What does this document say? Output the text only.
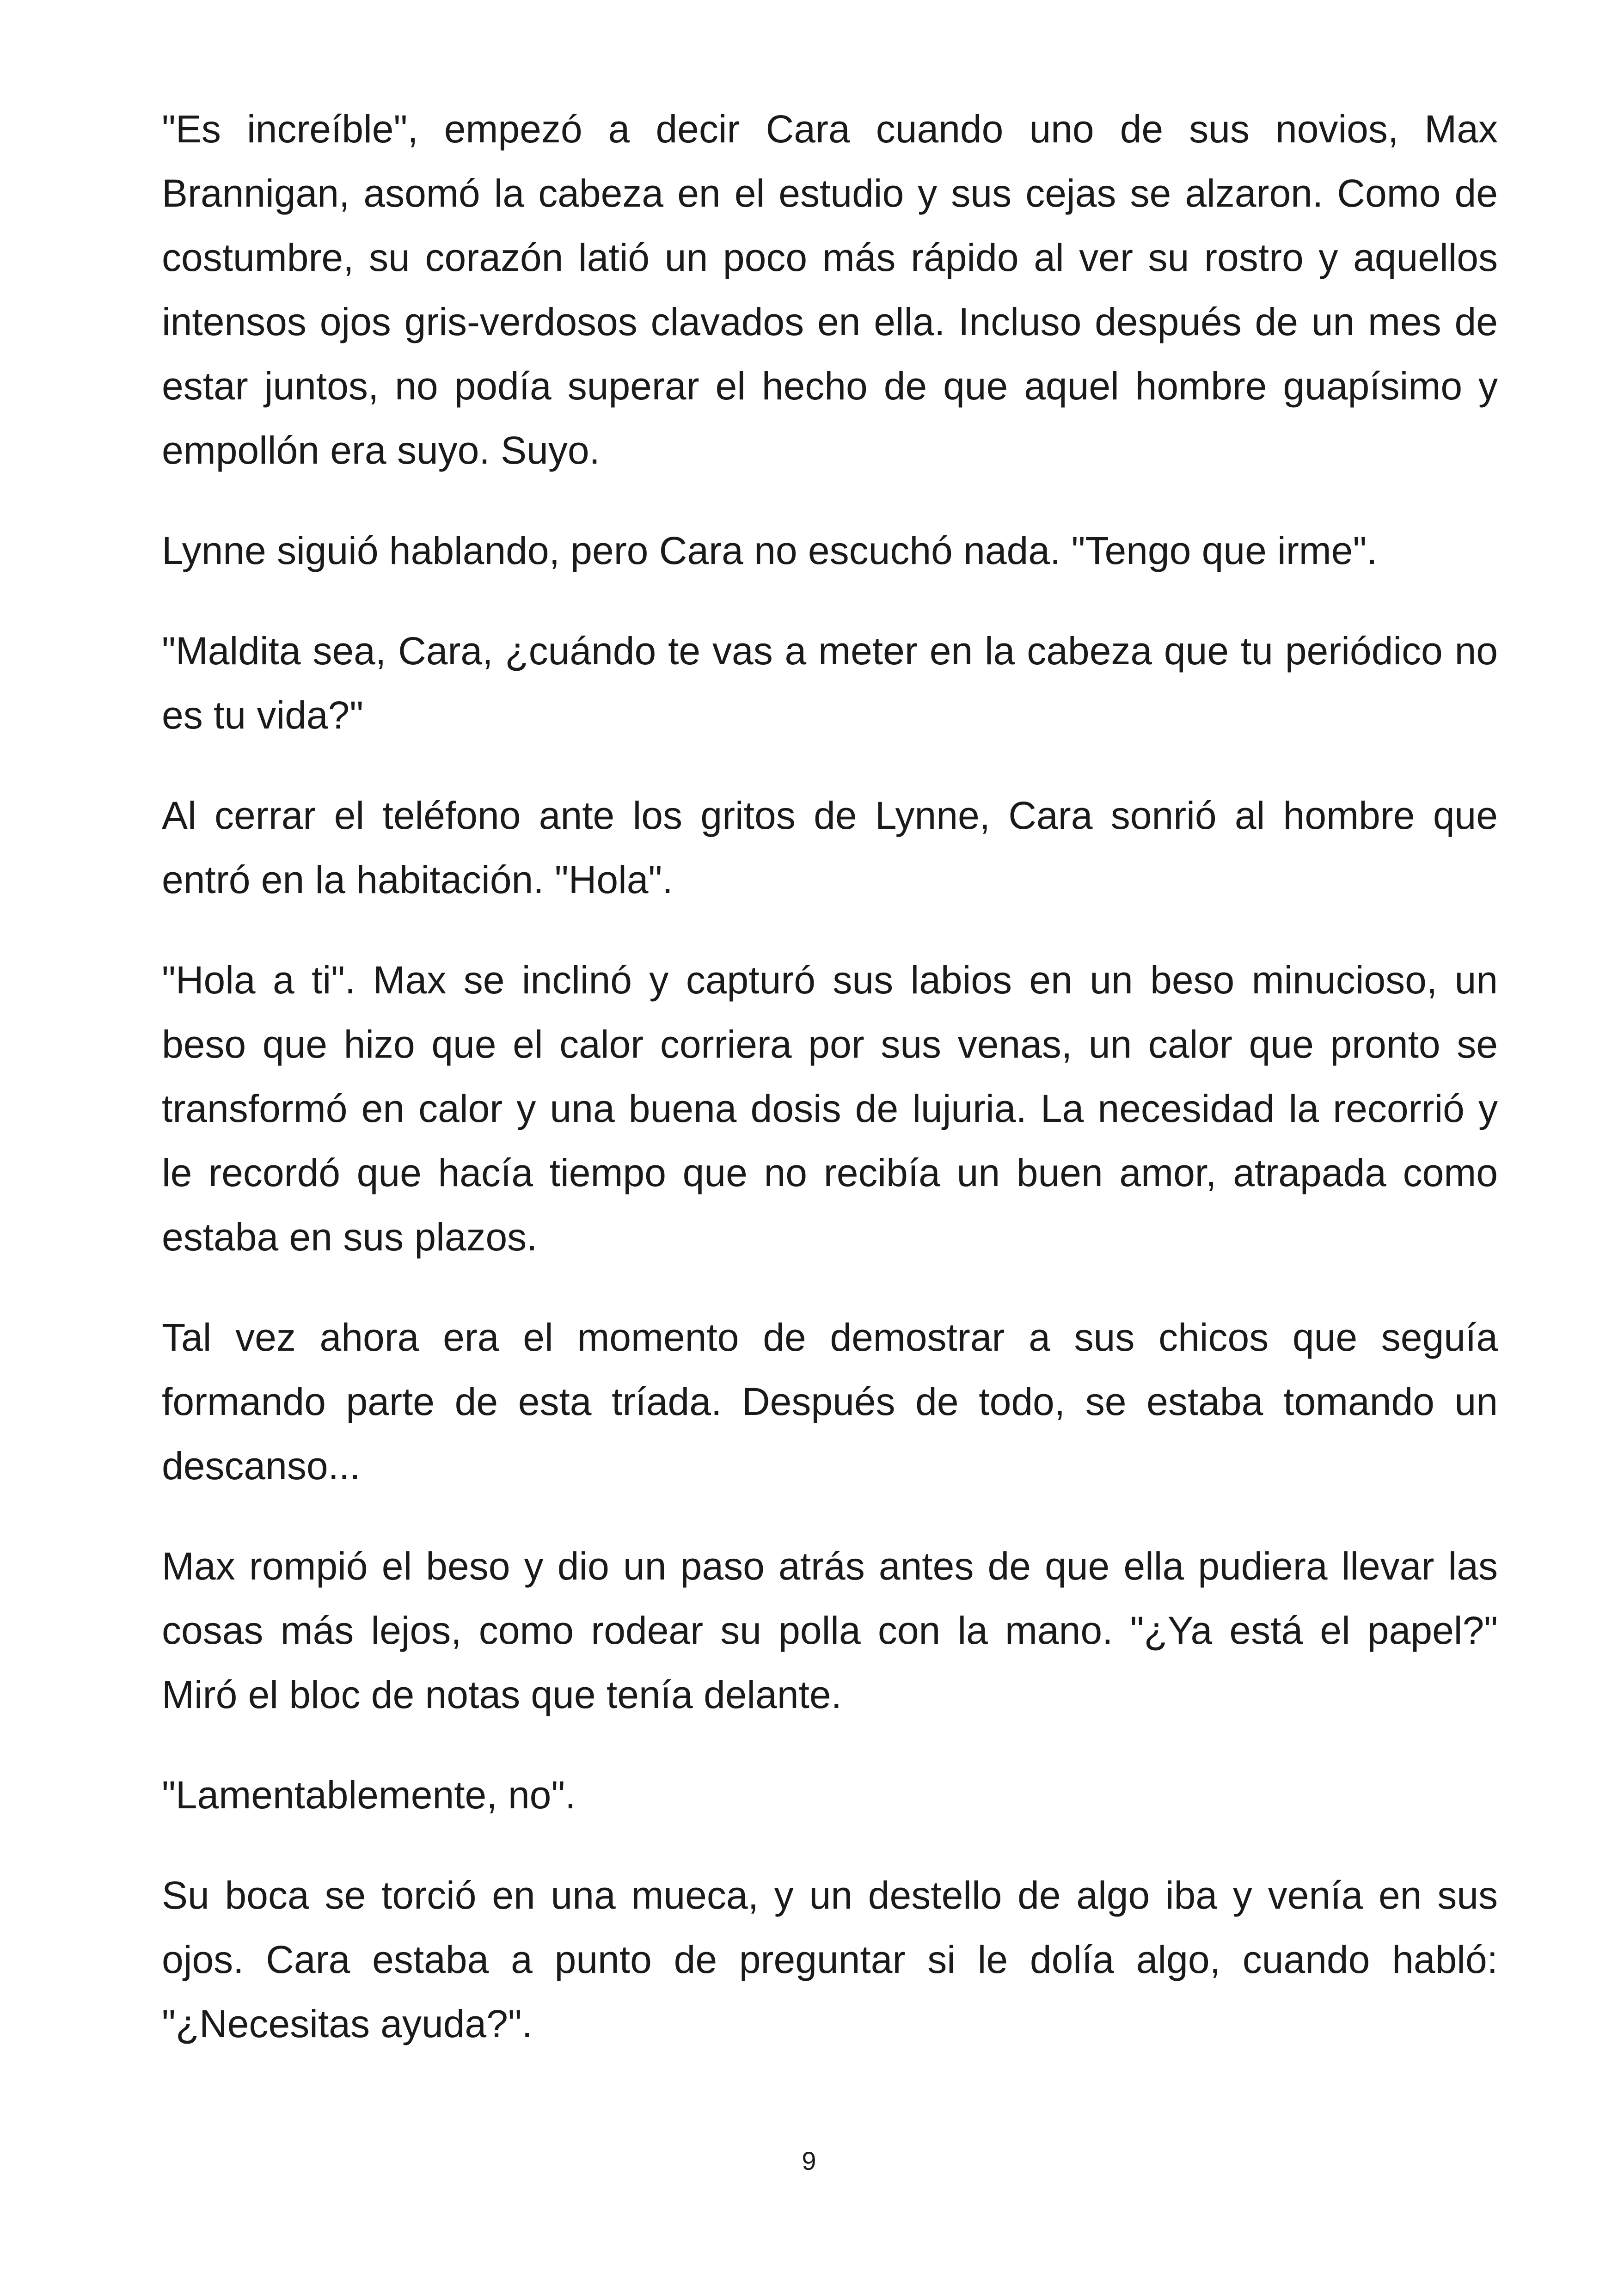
"Es increíble", empezó a decir Cara cuando uno de sus novios, Max Brannigan, asomó la cabeza en el estudio y sus cejas se alzaron. Como de costumbre, su corazón latió un poco más rápido al ver su rostro y aquellos intensos ojos gris-verdosos clavados en ella. Incluso después de un mes de estar juntos, no podía superar el hecho de que aquel hombre guapísimo y empollón era suyo. Suyo.

Lynne siguió hablando, pero Cara no escuchó nada. "Tengo que irme".

"Maldita sea, Cara, ¿cuándo te vas a meter en la cabeza que tu periódico no es tu vida?"

Al cerrar el teléfono ante los gritos de Lynne, Cara sonrió al hombre que entró en la habitación. "Hola".

"Hola a ti". Max se inclinó y capturó sus labios en un beso minucioso, un beso que hizo que el calor corriera por sus venas, un calor que pronto se transformó en calor y una buena dosis de lujuria. La necesidad la recorrió y le recordó que hacía tiempo que no recibía un buen amor, atrapada como estaba en sus plazos.

Tal vez ahora era el momento de demostrar a sus chicos que seguía formando parte de esta tríada. Después de todo, se estaba tomando un descanso...

Max rompió el beso y dio un paso atrás antes de que ella pudiera llevar las cosas más lejos, como rodear su polla con la mano. "¿Ya está el papel?" Miró el bloc de notas que tenía delante.

"Lamentablemente, no".

Su boca se torció en una mueca, y un destello de algo iba y venía en sus ojos. Cara estaba a punto de preguntar si le dolía algo, cuando habló: "¿Necesitas ayuda?".

9
